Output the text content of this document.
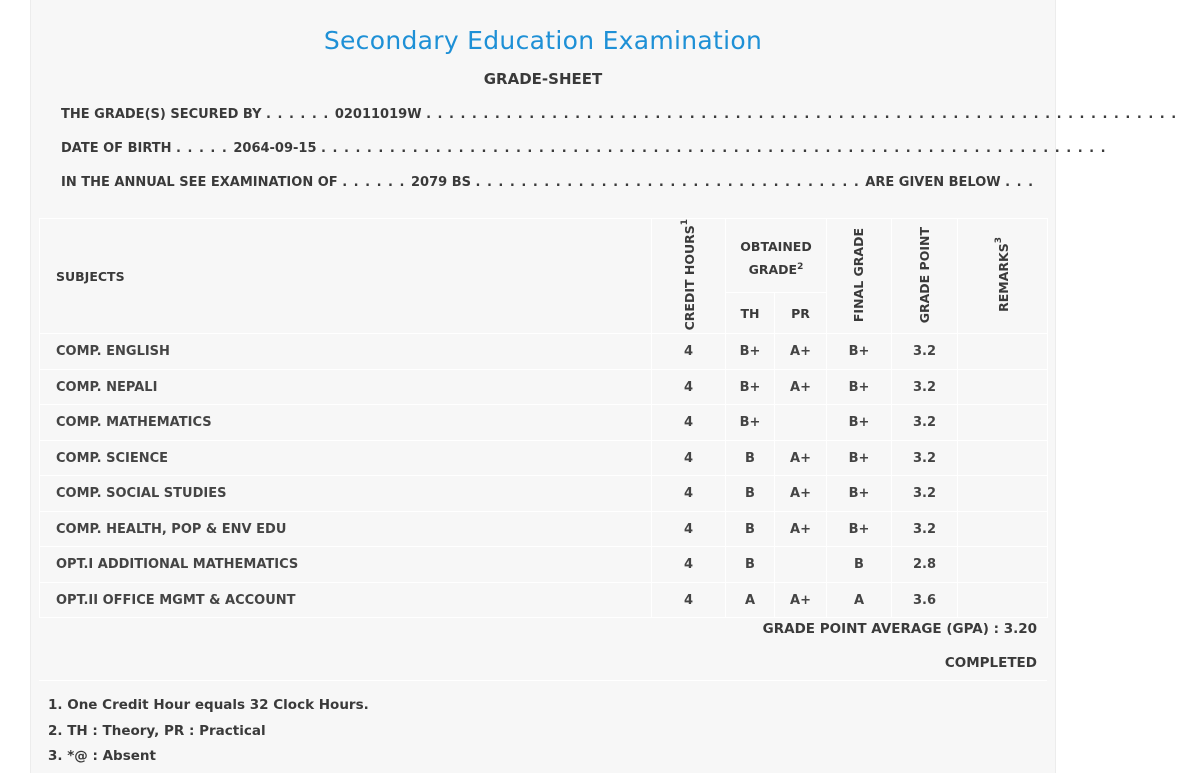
Secondary Education Examination
GRADE-SHEET
THE GRADE(S) SECURED BY . . . . . . 02011019W . . . . . . . . . . . . . . . . . . . . . . . . . . . . . . . . . . . . . . . . . . . . . . . . . . . . . . . . . . . . . . . . . .
DATE OF BIRTH . . . . . 2064-09-15 . . . . . . . . . . . . . . . . . . . . . . . . . . . . . . . . . . . . . . . . . . . . . . . . . . . . . . . . . . . . . . . . . . . . .
IN THE ANNUAL SEE EXAMINATION OF . . . . . . 2079 BS . . . . . . . . . . . . . . . . . . . . . . . . . . . . . . . . . . ARE GIVEN BELOW . . .
SUBJECTS	CREDIT HOURS$^1$	OBTAINED GRADE$^2$		FINAL GRADE	GRADE POINT	REMARKS$^3$
		TH	PR			
COMP. ENGLISH	4	B+	A+	B+	3.2	
COMP. NEPALI	4	B+	A+	B+	3.2	
COMP. MATHEMATICS	4	B+		B+	3.2	
COMP. SCIENCE	4	B	A+	B+	3.2	
COMP. SOCIAL STUDIES	4	B	A+	B+	3.2	
COMP. HEALTH, POP & ENV EDU	4	B	A+	B+	3.2	
OPT.I ADDITIONAL MATHEMATICS	4	B		B	2.8	
OPT.II OFFICE MGMT & ACCOUNT	4	A	A+	A	3.6	
GRADE POINT AVERAGE (GPA) : 3.20
COMPLETED
1. One Credit Hour equals 32 Clock Hours.
2. TH : Theory, PR : Practical
3. *@ : Absent
